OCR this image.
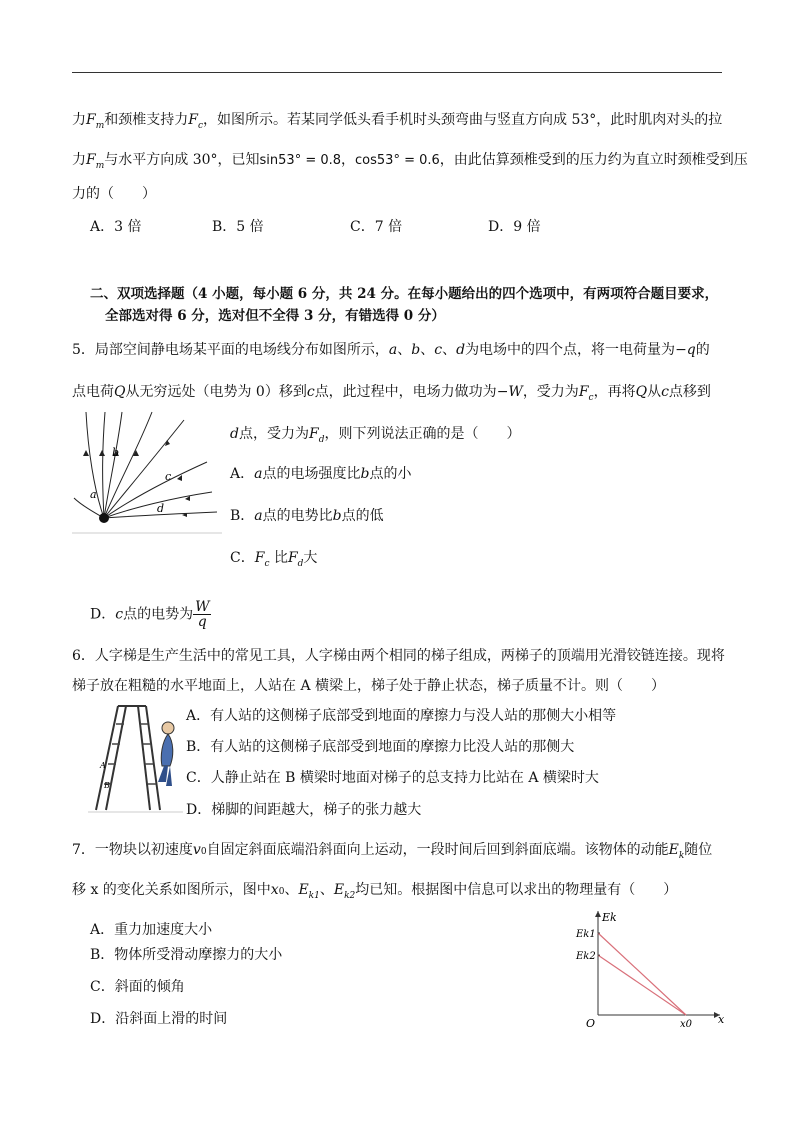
力$F_m$和颈椎支持力$F_c$，如图所示。若某同学低头看手机时头颈弯曲与竖直方向成 53°，此时肌肉对头的拉
力$F_m$与水平方向成 30°，已知sin53° = 0.8，cos53° = 0.6，由此估算颈椎受到的压力约为直立时颈椎受到压
力的（　　）
A．3 倍	B．5 倍	C．7 倍	D．9 倍
二、双项选择题（4 小题，每小题 6 分，共 24 分。在每小题给出的四个选项中，有两项符合题目要求，
全部选对得 6 分，选对但不全得 3 分，有错选得 0 分）
5．局部空间静电场某平面的电场线分布如图所示，a、b、c、d为电场中的四个点，将一电荷量为−q的
点电荷Q从无穷远处（电势为 0）移到c点，此过程中，电场力做功为−W，受力为$F_c$，再将Q从c点移到
d点，受力为$F_d$，则下列说法正确的是（　　）
A．a点的电场强度比b点的小
B．a点的电势比b点的低
C．$F_c$ 比$F_d$大
D．c点的电势为 $\frac{W}{q}$
a
b
c
d
6．人字梯是生产生活中的常见工具，人字梯由两个相同的梯子组成，两梯子的顶端用光滑铰链连接。现将
梯子放在粗糙的水平地面上，人站在 A 横梁上，梯子处于静止状态，梯子质量不计。则（　　）
A．有人站的这侧梯子底部受到地面的摩擦力与没人站的那侧大小相等
B．有人站的这侧梯子底部受到地面的摩擦力比没人站的那侧大
C．人静止站在 B 横梁时地面对梯子的总支持力比站在 A 横梁时大
D．梯脚的间距越大，梯子的张力越大
A
B
7．一物块以初速度v0自固定斜面底端沿斜面向上运动，一段时间后回到斜面底端。该物体的动能$E_k$随位
移 x 的变化关系如图所示，图中x0、$E_{k1}$、$E_{k2}$均已知。根据图中信息可以求出的物理量有（　　）
A．重力加速度大小
B．物体所受滑动摩擦力的大小
C．斜面的倾角
D．沿斜面上滑的时间
Ek
x
O	x0
Ek1
Ek2
